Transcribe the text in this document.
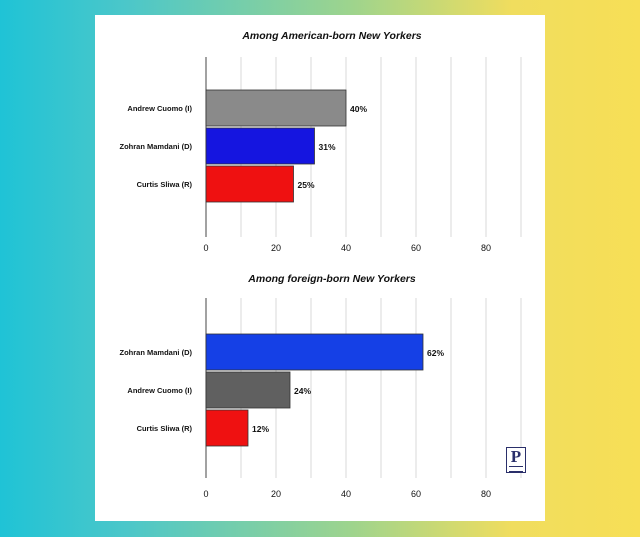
Among American-born New Yorkers
Andrew Cuomo (I)	40%
Zohran Mamdani (D)	31%
Curtis Sliwa (R)	25%
0	20	40	60	80
Among foreign-born New Yorkers
Zohran Mamdani (D)	62%
Andrew Cuomo (I)	24%
Curtis Sliwa (R)	12%
0	20	40	60	80
P
